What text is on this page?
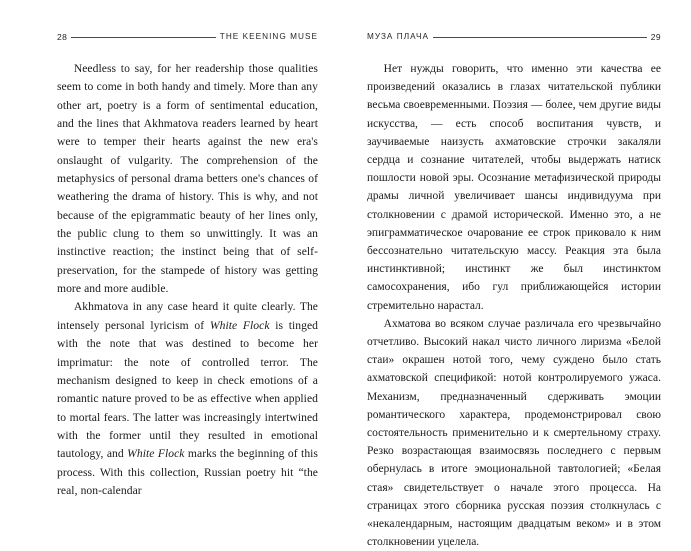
28	THE KEENING MUSE

Needless to say, for her readership those qualities seem to come in both handy and timely. More than any other art, poetry is a form of sentimental education, and the lines that Akhmatova readers learned by heart were to temper their hearts against the new era's onslaught of vulgarity. The comprehension of the metaphysics of personal drama betters one's chances of weathering the drama of history. This is why, and not because of the epigrammatic beauty of her lines only, the public clung to them so unwittingly. It was an instinctive reaction; the instinct being that of self-preservation, for the stampede of history was getting more and more audible.

Akhmatova in any case heard it quite clearly. The intensely personal lyricism of White Flock is tinged with the note that was destined to become her imprimatur: the note of controlled terror. The mechanism designed to keep in check emotions of a romantic nature proved to be as effective when applied to mortal fears. The latter was increasingly intertwined with the former until they resulted in emotional tautology, and White Flock marks the beginning of this process. With this collection, Russian poetry hit “the real, non-calendar

МУЗА ПЛАЧА	29

Нет нужды говорить, что именно эти качества ее произведений оказались в глазах читательской публики весьма своевременными. Поэзия — более, чем другие виды искусства, — есть способ воспитания чувств, и заучиваемые наизусть ахматовские строчки закаляли сердца и сознание читателей, чтобы выдержать натиск пошлости новой эры. Осознание метафизической природы драмы личной увеличивает шансы индивидуума при столкновении с драмой исторической. Именно это, а не эпиграмматическое очарование ее строк приковало к ним бессознательно читательскую массу. Реакция эта была инстинктивной; инстинкт же был инстинктом самосохранения, ибо гул приближающейся истории стремительно нарастал.

Ахматова во всяком случае различала его чрезвычайно отчетливо. Высокий накал чисто личного лиризма «Белой стаи» окрашен нотой того, чему суждено было стать ахматовской спецификой: нотой контролируемого ужаса. Механизм, предназначенный сдерживать эмоции романтического характера, продемонстрировал свою состоятельность применительно и к смертельному страху. Резко возрастающая взаимосвязь последнего с первым обернулась в итоге эмоциональной тавтологией; «Белая стая» свидетельствует о начале этого процесса. На страницах этого сборника русская поэзия столкнулась с «некалендарным, настоящим двадцатым веком» и в этом столкновении уцелела.
